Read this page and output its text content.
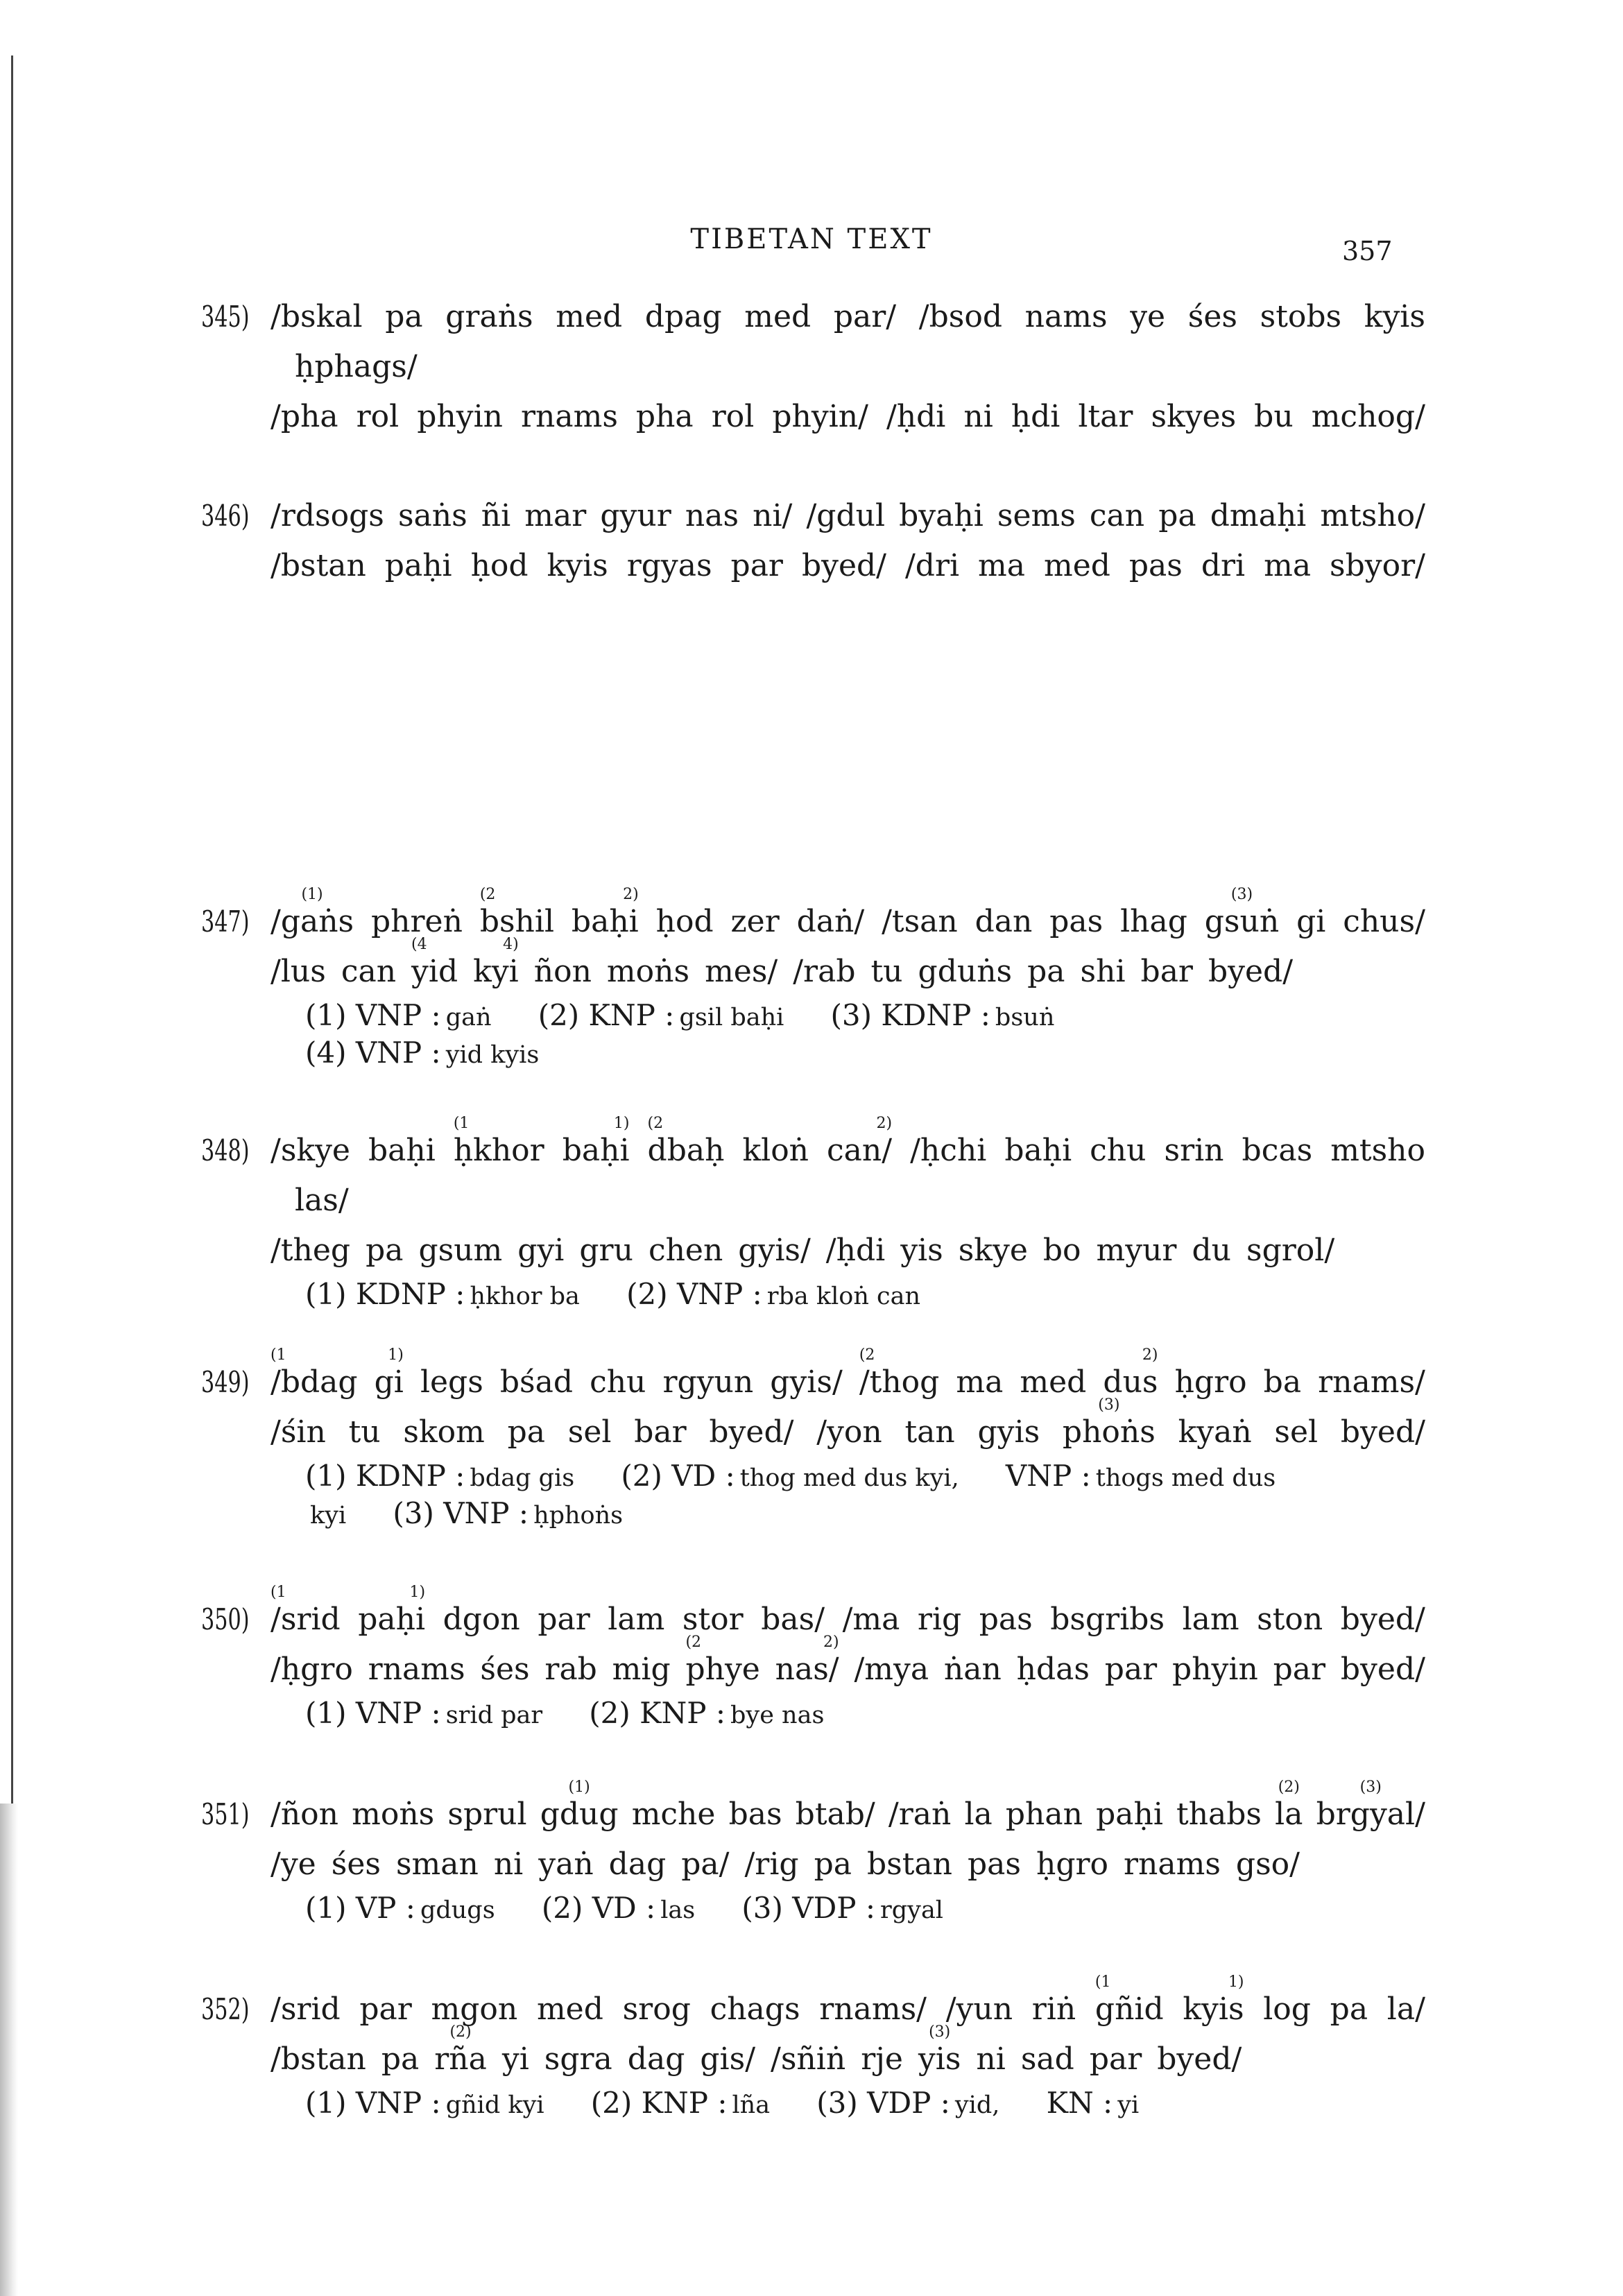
TIBETAN TEXT	357
345) /bskal pa graṅs med dpag med par/ /bsod nams ye śes stobs kyis
ḥphags/
/pha rol phyin rnams pha rol phyin/ /ḥdi ni ḥdi ltar skyes bu mchog/
346) /rdsogs saṅs ñi mar gyur nas ni/ /gdul byaḥi sems can pa dmaḥi mtsho/
/bstan paḥi ḥod kyis rgyas par byed/ /dri ma med pas dri ma sbyor/
347) /gaṅs
(1)
phreṅ bshil
(2
baḥi
2)
ḥod zer daṅ/ /tsan dan pas lhag gsuṅ
(3)
gi chus/
/lus can yid
(4
kyi
4)
ñon moṅs mes/ /rab tu gduṅs pa shi bar byed/
(1) VNP : gaṅ (2) KNP : gsil baḥi (3) KDNP : bsuṅ
(4) VNP : yid kyis
348) /skye baḥi ḥkhor
(1
baḥi
1)
dbaḥ
(2
kloṅ can/
2)
/ḥchi baḥi chu srin bcas mtsho
las/
/theg pa gsum gyi gru chen gyis/ /ḥdi yis skye bo myur du sgrol/
(1) KDNP : ḥkhor ba (2) VNP : rba kloṅ can
349) /bdag
(1
gi
1)
legs bśad chu rgyun gyis/ /thog
(2
ma med dus
2)
ḥgro ba rnams/
/śin tu skom pa sel bar byed/ /yon tan gyis phoṅs
(3)
kyaṅ sel byed/
(1) KDNP : bdag gis (2) VD : thog med dus kyi, VNP : thogs med dus
kyi (3) VNP : ḥphoṅs
350) /srid
(1
paḥi
1)
dgon par lam stor bas/ /ma rig pas bsgribs lam ston byed/
/ḥgro rnams śes rab mig phye
(2
nas/
2)
/mya ṅan ḥdas par phyin par byed/
(1) VNP : srid par (2) KNP : bye nas
351) /ñon moṅs sprul gdug
(1)
mche bas btab/ /raṅ la phan paḥi thabs la
(2)
brgyal/
(3)
/ye śes sman ni yaṅ dag pa/ /rig pa bstan pas ḥgro rnams gso/
(1) VP : gdugs (2) VD : las (3) VDP : rgyal
352) /srid par mgon med srog chags rnams/ /yun riṅ gñid
(1
kyis
1)
log pa la/
/bstan pa rña
(2)
yi sgra dag gis/ /sñiṅ rje yis
(3)
ni sad par byed/
(1) VNP : gñid kyi (2) KNP : lña (3) VDP : yid, KN : yi
